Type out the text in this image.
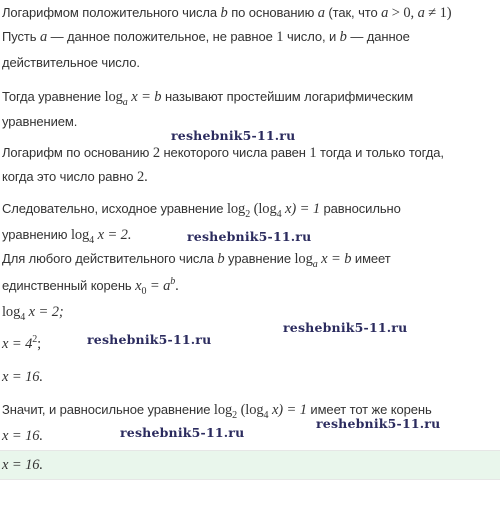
Логарифмом положительного числа b по основанию a (так, что a > 0, a ≠ 1)
Пусть a — данное положительное, не равное 1 число, и b — данное
действительное число.
Тогда уравнение $\log_a x = b$ называют простейшим логарифмическим
уравнением.
reshebnik5-11.ru
Логарифм по основанию 2 некоторого числа равен 1 тогда и только тогда,
когда это число равно 2.
Следовательно, исходное уравнение $\log_2 (\log_4$ x) = 1 равносильно
уравнению $\log_4 x = 2$.	reshebnik5-11.ru
Для любого действительного числа b уравнение $\log_a x = b$ имеет
единственный корень $x_0 = a^b$.
$\log_4 x = 2$;
reshebnik5-11.ru
$x = 4^2$;	reshebnik5-11.ru
x = 16.
Значит, и равносильное уравнение $\log_2 (\log_4$ x) = 1 имеет тот же корень
reshebnik5-11.ru
x = 16.	reshebnik5-11.ru
x = 16.
